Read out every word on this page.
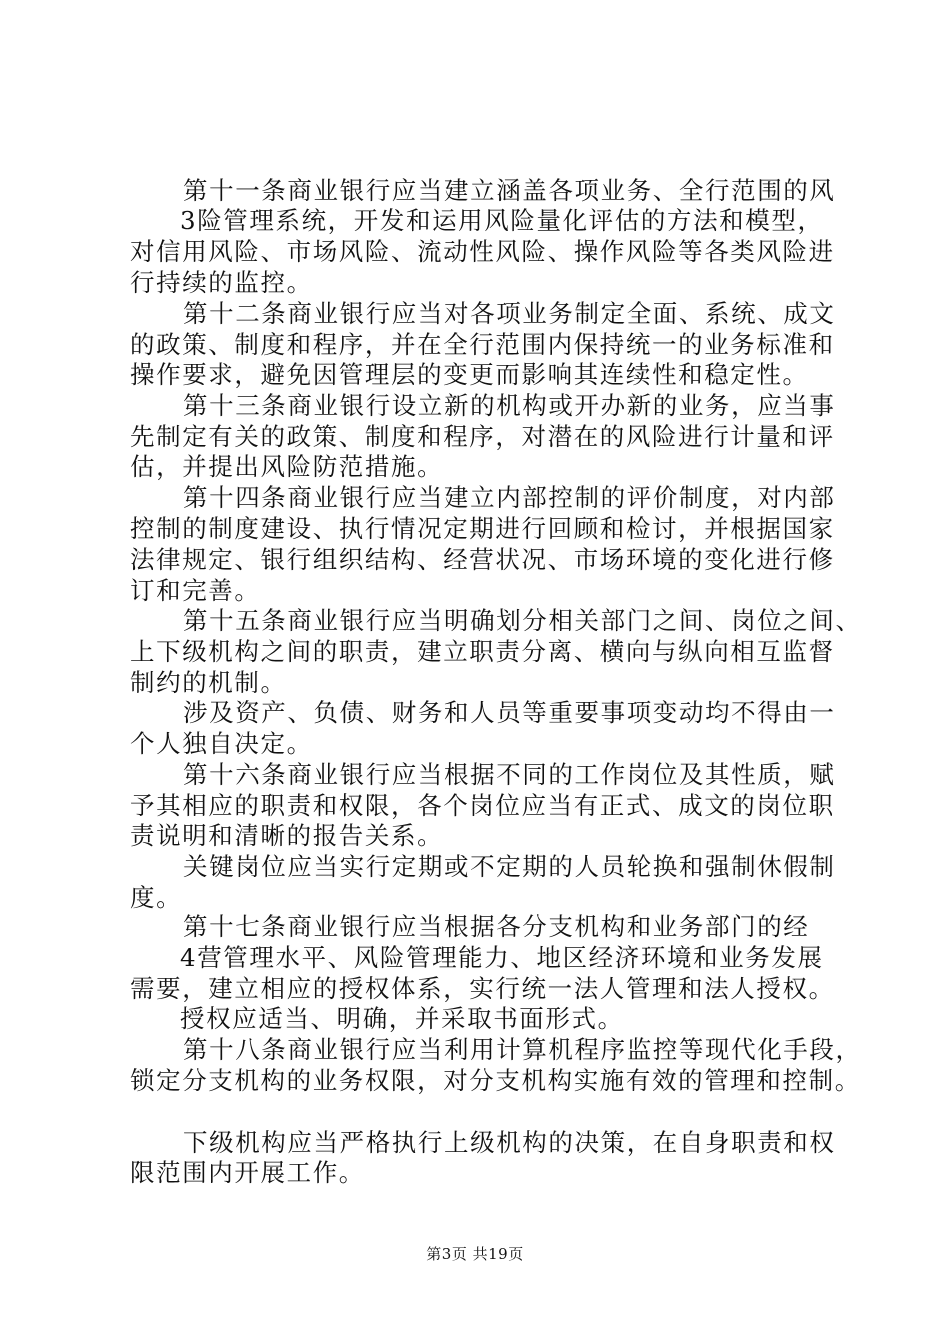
第十一条商业银行应当建立涵盖各项业务、全行范围的风
3险管理系统，开发和运用风险量化评估的方法和模型，
对信用风险、市场风险、流动性风险、操作风险等各类风险进
行持续的监控。
第十二条商业银行应当对各项业务制定全面、系统、成文
的政策、制度和程序，并在全行范围内保持统一的业务标准和
操作要求，避免因管理层的变更而影响其连续性和稳定性。
第十三条商业银行设立新的机构或开办新的业务，应当事
先制定有关的政策、制度和程序，对潜在的风险进行计量和评
估，并提出风险防范措施。
第十四条商业银行应当建立内部控制的评价制度，对内部
控制的制度建设、执行情况定期进行回顾和检讨，并根据国家
法律规定、银行组织结构、经营状况、市场环境的变化进行修
订和完善。
第十五条商业银行应当明确划分相关部门之间、岗位之间、
上下级机构之间的职责，建立职责分离、横向与纵向相互监督
制约的机制。
涉及资产、负债、财务和人员等重要事项变动均不得由一
个人独自决定。
第十六条商业银行应当根据不同的工作岗位及其性质，赋
予其相应的职责和权限，各个岗位应当有正式、成文的岗位职
责说明和清晰的报告关系。
关键岗位应当实行定期或不定期的人员轮换和强制休假制
度。
第十七条商业银行应当根据各分支机构和业务部门的经
4营管理水平、风险管理能力、地区经济环境和业务发展
需要，建立相应的授权体系，实行统一法人管理和法人授权。
授权应适当、明确，并采取书面形式。
第十八条商业银行应当利用计算机程序监控等现代化手段，
锁定分支机构的业务权限，对分支机构实施有效的管理和控制。
下级机构应当严格执行上级机构的决策，在自身职责和权
限范围内开展工作。
第3页 共19页
